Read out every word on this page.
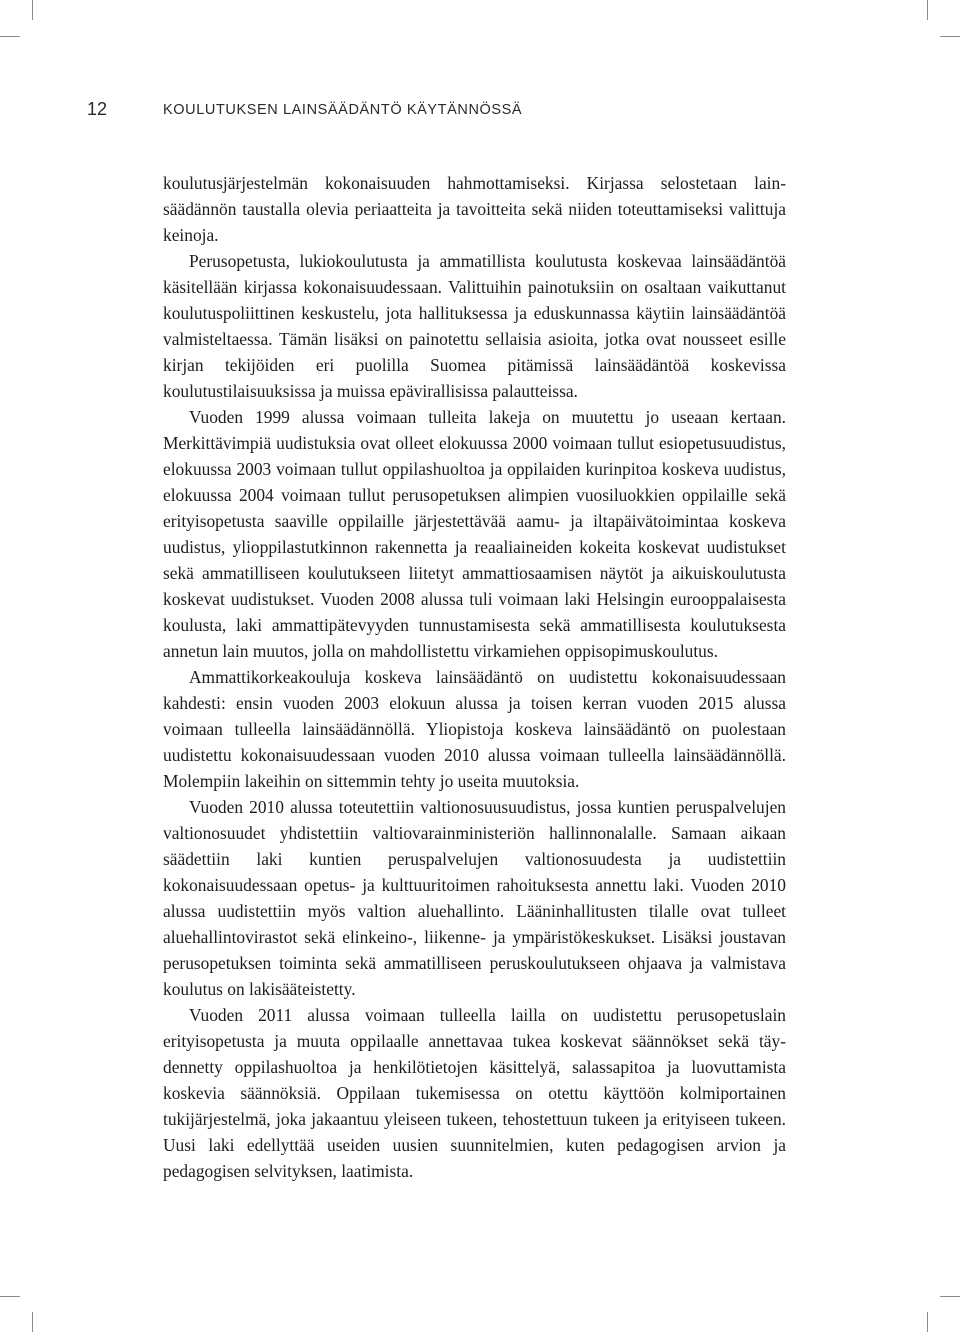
12	KOULUTUKSEN LAINSÄÄDÄNTÖ KÄYTÄNNÖSSÄ

koulutusjärjestelmän kokonaisuuden hahmottamiseksi. Kirjassa selostetaan lainsäädännön taustalla olevia periaatteita ja tavoitteita sekä niiden toteuttamiseksi valittuja keinoja.

Perusopetusta, lukiokoulutusta ja ammatillista koulutusta koskevaa lainsäädäntöä käsitellään kirjassa kokonaisuudessaan. Valittuihin painotuksiin on osaltaan vaikuttanut koulutuspoliittinen keskustelu, jota hallituksessa ja eduskunnassa käytiin lainsäädäntöä valmisteltaessa. Tämän lisäksi on painotettu sellaisia asioita, jotka ovat nousseet esille kirjan tekijöiden eri puolilla Suomea pitämissä lainsäädäntöä koskevissa koulutustilaisuuksissa ja muissa epävirallisissa palautteissa.

Vuoden 1999 alussa voimaan tulleita lakeja on muutettu jo useaan kertaan. Merkittävimpiä uudistuksia ovat olleet elokuussa 2000 voimaan tullut esiopetusuudistus, elokuussa 2003 voimaan tullut oppilashuoltoa ja oppilaiden kurinpitoa koskeva uudistus, elokuussa 2004 voimaan tullut perusopetuksen alimpien vuosiluokkien oppilaille sekä erityisopetusta saaville oppilaille järjestettävää aamu- ja iltapäivätoimintaa koskeva uudistus, ylioppilastutkinnon rakennetta ja reaaliaineiden kokeita koskevat uudistukset sekä ammatilliseen koulutukseen liitetyt ammattiosaamisen näytöt ja aikuiskoulutusta koskevat uudistukset. Vuoden 2008 alussa tuli voimaan laki Helsingin eurooppalaisesta koulusta, laki ammattipätevyyden tunnustamisesta sekä ammatillisesta koulutuksesta annetun lain muutos, jolla on mahdollistettu virkamiehen oppisopimuskoulutus.

Ammattikorkeakouluja koskeva lainsäädäntö on uudistettu kokonaisuudessaan kahdesti: ensin vuoden 2003 elokuun alussa ja toisen kerran vuoden 2015 alussa voimaan tulleella lainsäädännöllä. Yliopistoja koskeva lainsäädäntö on puolestaan uudistettu kokonaisuudessaan vuoden 2010 alussa voimaan tulleella lainsäädännöllä. Molempiin lakeihin on sittemmin tehty jo useita muutoksia.

Vuoden 2010 alussa toteutettiin valtionosuusuudistus, jossa kuntien peruspalvelujen valtionosuudet yhdistettiin valtiovarainministeriön hallinnonalalle. Samaan aikaan säädettiin laki kuntien peruspalvelujen valtionosuudesta ja uudistettiin kokonaisuudessaan opetus- ja kulttuuritoimen rahoituksesta annettu laki. Vuoden 2010 alussa uudistettiin myös valtion aluehallinto. Lääninhallitusten tilalle ovat tulleet aluehallintovirastot sekä elinkeino-, liikenne- ja ympäristökeskukset. Lisäksi joustavan perusopetuksen toiminta sekä ammatilliseen peruskoulutukseen ohjaava ja valmistava koulutus on lakisääteistetty.

Vuoden 2011 alussa voimaan tulleella lailla on uudistettu perusopetuslain erityisopetusta ja muuta oppilaalle annettavaa tukea koskevat säännökset sekä täydennetty oppilashuoltoa ja henkilötietojen käsittelyä, salassapitoa ja luovuttamista koskevia säännöksiä. Oppilaan tukemisessa on otettu käyttöön kolmiportainen tukijärjestelmä, joka jakaantuu yleiseen tukeen, tehostettuun tukeen ja erityiseen tukeen. Uusi laki edellyttää useiden uusien suunnitelmien, kuten pedagogisen arvion ja pedagogisen selvityksen, laatimista.
